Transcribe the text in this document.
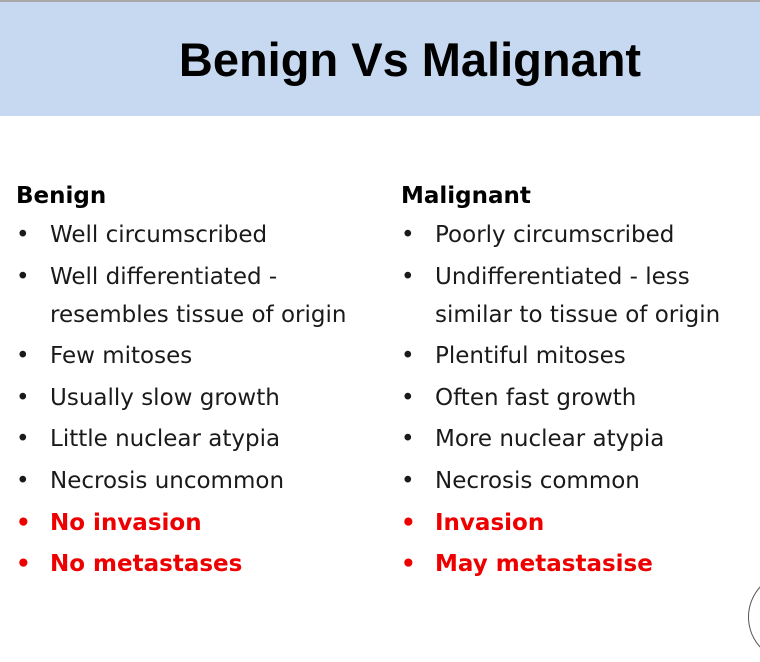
Benign Vs Malignant
Benign
• Well circumscribed
• Well differentiated -
resembles tissue of origin
• Few mitoses
• Usually slow growth
• Little nuclear atypia
• Necrosis uncommon
• No invasion
• No metastases
Malignant
• Poorly circumscribed
• Undifferentiated - less
similar to tissue of origin
• Plentiful mitoses
• Often fast growth
• More nuclear atypia
• Necrosis common
• Invasion
• May metastasise
